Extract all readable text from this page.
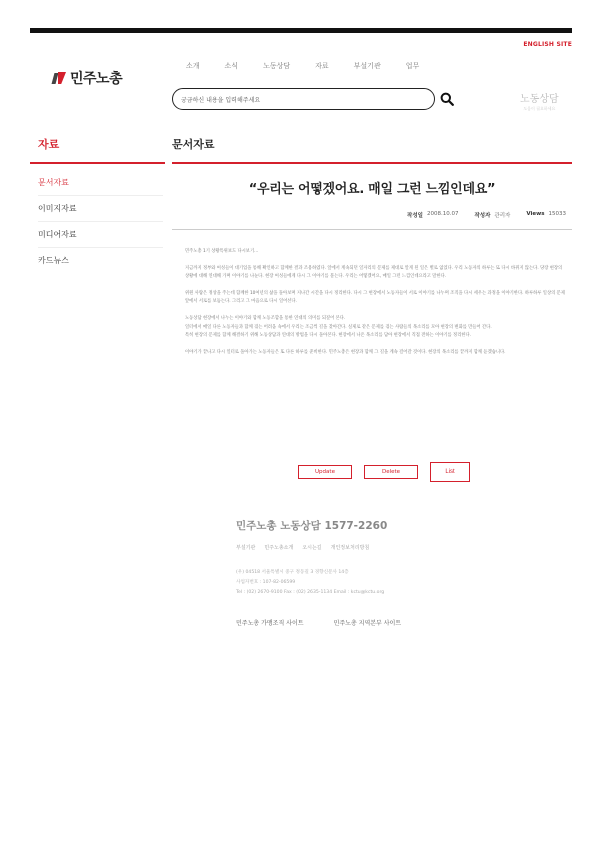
ENGLISH SITE
민주노총
소개	소식	노동상담	자료	부설기관	업무
궁금하신 내용을 입력해주세요	노동상담
도움이 필요하세요
자료
문서자료
이미지자료
미디어자료
카드뉴스
문서자료
“우리는 어떻겠어요. 매일 그런 느낌인데요”
작성일 2008.10.07	작성자 관리자	Views 15033

민주노총 1기 상황특위보도 다시보기...

지금까지 정부와 여성들이 대기업을 통해 확인하고 함께한 결과 조용하였다. 앞에서 계속되던 일자리의 문제를 제대로 알게 된 일은 별로 없었다. 우리 노동자의 하루는 또 다시 바뀌지 않는다. 당장 현장의 상황에 대해 연대해 가며 이야기를 나눈다. 현장 여성들에게 다시 그 이야기를 묻는다. 우리는 어떻겠어요, 매일 그런 느낌인데요라고 말한다.

위원 사람은 정상을 주는데 함께한 10여년의 삶을 돌아보며 지나간 시간을 다시 정리한다. 다시 그 현장에서 노동자들이 서로 이야기를 나누며 조직을 다시 세우는 과정을 이야기한다. 하루하루 일상의 문제 앞에서 서로를 보듬는다. 그리고 그 마음으로 다시 일어선다.

노동상담 현장에서 나누는 이야기와 함께 노동조합을 통한 연대의 의미를 되짚어 본다.

일터에서 매일 다른 노동자들과 함께 겪는 어려움 속에서 우리는 조금씩 길을 찾아간다. 실제로 같은 문제를 겪는 사람들의 목소리를 모아 현장의 변화를 만들어 간다.

특히 현장의 문제를 함께 해결하기 위해 노동상담과 연대의 방법을 다시 돌아본다. 현장에서 나온 목소리를 담아 현장에서 직접 전하는 이야기를 정리한다.

이야기가 끝나고 다시 일터로 돌아가는 노동자들은 또 다른 하루를 준비한다. 민주노총은 현장과 함께 그 길을 계속 걸어갈 것이다. 현장의 목소리를 끝까지 함께 듣겠습니다.

Update	Delete	List
민주노총 노동상담 1577-2260
부설기관 민주노총소개 오시는길 개인정보처리방침
(우) 04518 서울특별시 중구 정동길 3 경향신문사 14층
사업자번호 : 107-82-06599
Tel : (02) 2670-9100 Fax : (02) 2635-1134 Email : kctu@kctu.org
민주노총 가맹조직 사이트	민주노총 지역본부 사이트
